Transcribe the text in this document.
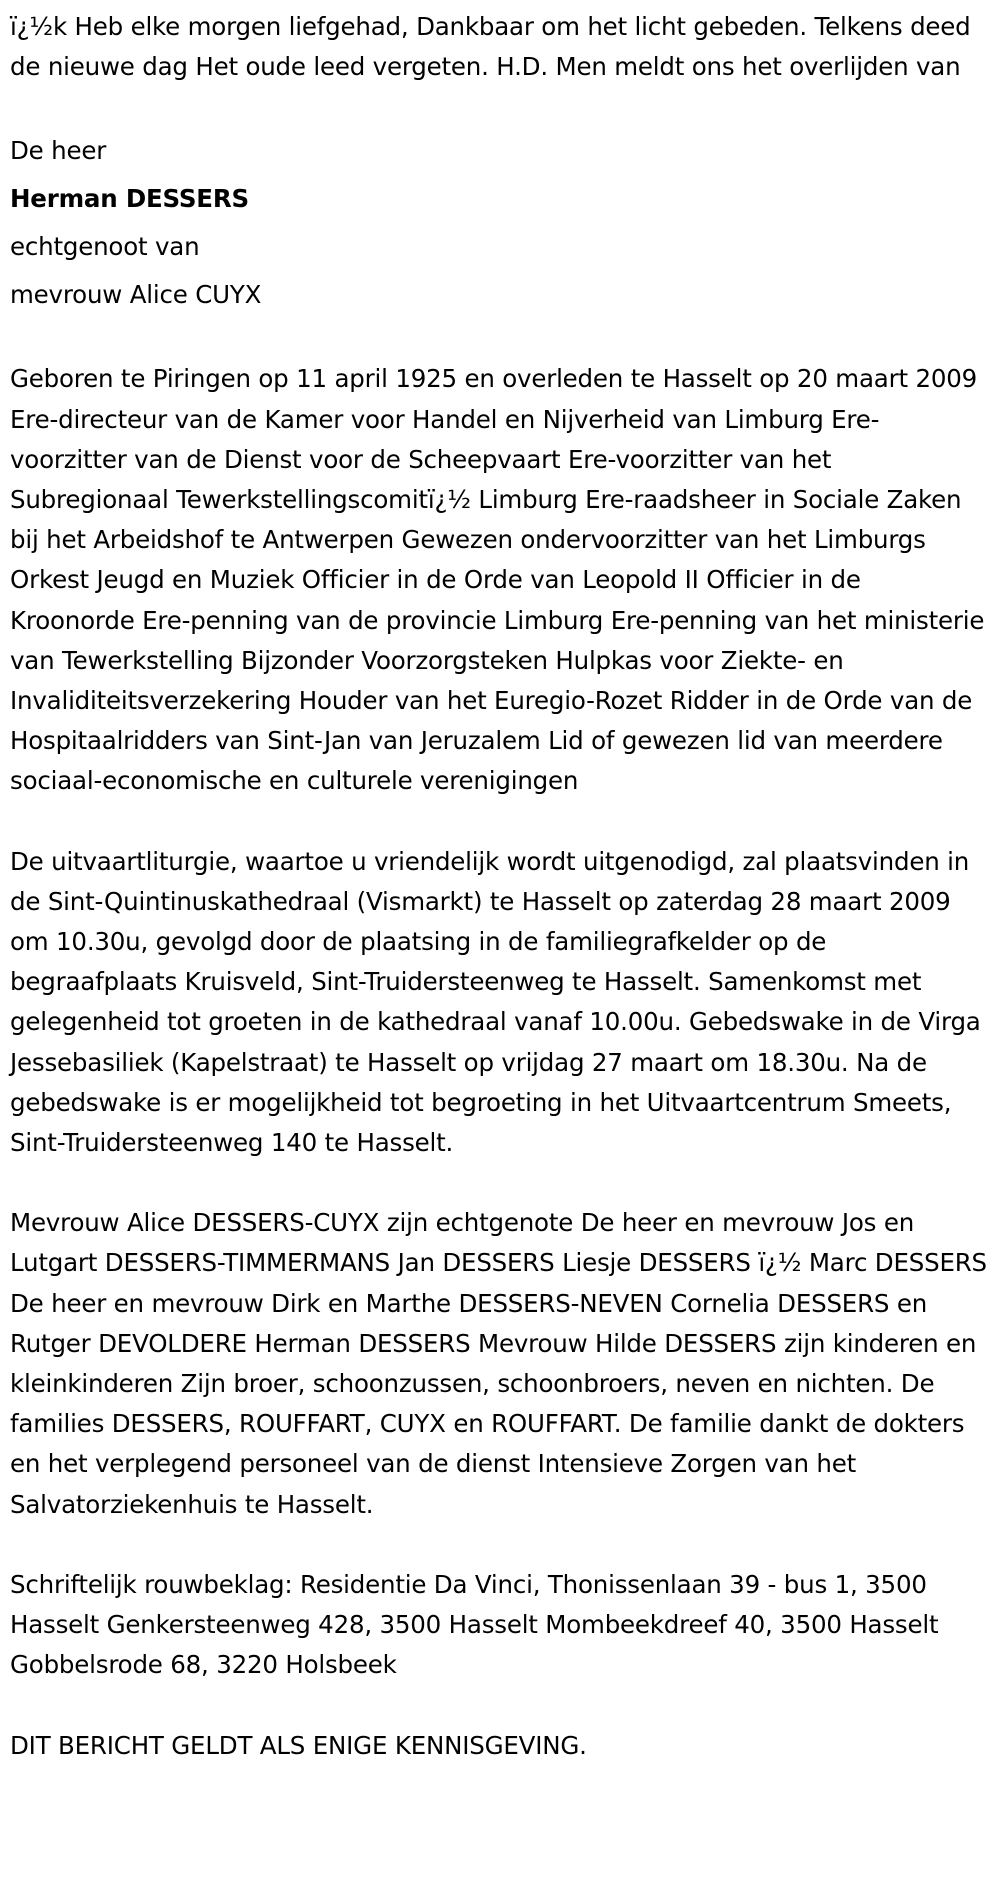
ï¿½k Heb elke morgen liefgehad, Dankbaar om het licht gebeden. Telkens deed de nieuwe dag Het oude leed vergeten. H.D. Men meldt ons het overlijden van

De heer
Herman DESSERS
echtgenoot van
mevrouw Alice CUYX

Geboren te Piringen op 11 april 1925 en overleden te Hasselt op 20 maart 2009 Ere-directeur van de Kamer voor Handel en Nijverheid van Limburg Ere-voorzitter van de Dienst voor de Scheepvaart Ere-voorzitter van het Subregionaal Tewerkstellingscomitï¿½ Limburg Ere-raadsheer in Sociale Zaken bij het Arbeidshof te Antwerpen Gewezen ondervoorzitter van het Limburgs Orkest Jeugd en Muziek Officier in de Orde van Leopold II Officier in de Kroonorde Ere-penning van de provincie Limburg Ere-penning van het ministerie van Tewerkstelling Bijzonder Voorzorgsteken Hulpkas voor Ziekte- en Invaliditeitsverzekering Houder van het Euregio-Rozet Ridder in de Orde van de Hospitaalridders van Sint-Jan van Jeruzalem Lid of gewezen lid van meerdere sociaal-economische en culturele verenigingen

De uitvaartliturgie, waartoe u vriendelijk wordt uitgenodigd, zal plaatsvinden in de Sint-Quintinuskathedraal (Vismarkt) te Hasselt op zaterdag 28 maart 2009 om 10.30u, gevolgd door de plaatsing in de familiegrafkelder op de begraafplaats Kruisveld, Sint-Truidersteenweg te Hasselt. Samenkomst met gelegenheid tot groeten in de kathedraal vanaf 10.00u. Gebedswake in de Virga Jessebasiliek (Kapelstraat) te Hasselt op vrijdag 27 maart om 18.30u. Na de gebedswake is er mogelijkheid tot begroeting in het Uitvaartcentrum Smeets, Sint-Truidersteenweg 140 te Hasselt.

Mevrouw Alice DESSERS-CUYX zijn echtgenote De heer en mevrouw Jos en Lutgart DESSERS-TIMMERMANS Jan DESSERS Liesje DESSERS ï¿½ Marc DESSERS De heer en mevrouw Dirk en Marthe DESSERS-NEVEN Cornelia DESSERS en Rutger DEVOLDERE Herman DESSERS Mevrouw Hilde DESSERS zijn kinderen en kleinkinderen Zijn broer, schoonzussen, schoonbroers, neven en nichten. De families DESSERS, ROUFFART, CUYX en ROUFFART. De familie dankt de dokters en het verplegend personeel van de dienst Intensieve Zorgen van het Salvatorziekenhuis te Hasselt.

Schriftelijk rouwbeklag: Residentie Da Vinci, Thonissenlaan 39 - bus 1, 3500 Hasselt Genkersteenweg 428, 3500 Hasselt Mombeekdreef 40, 3500 Hasselt Gobbelsrode 68, 3220 Holsbeek

DIT BERICHT GELDT ALS ENIGE KENNISGEVING.
